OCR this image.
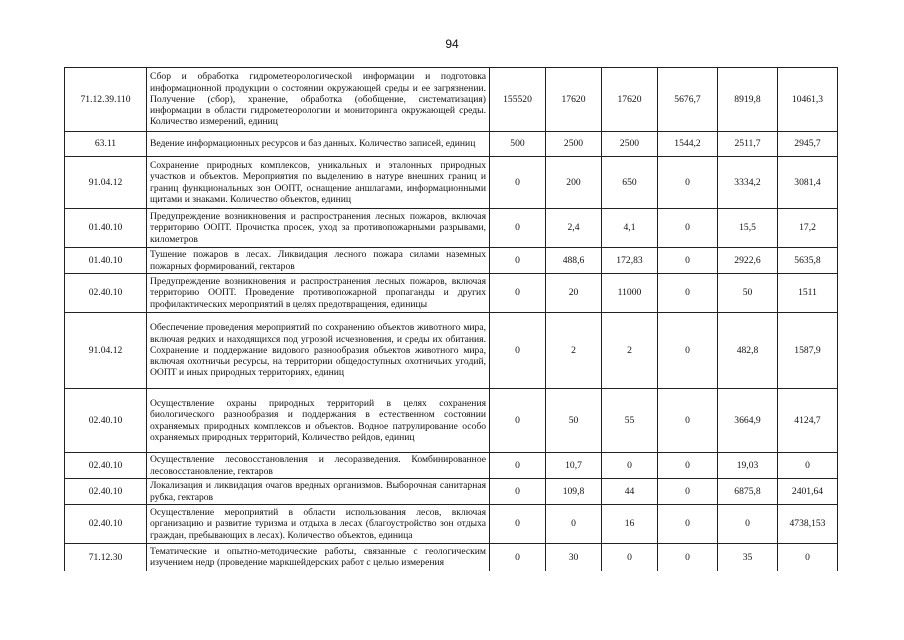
94
71.12.39.110	Сбор и обработка гидрометеорологической информации и подготовка информационной продукции о состоянии окружающей среды и ее загрязнении. Получение (сбор), хранение, обработка (обобщение, систематизация) информации в области гидрометеорологии и мониторинга окружающей среды. Количество измерений, единиц	155520	17620	17620	5676,7	8919,8	10461,3
63.11	Ведение информационных ресурсов и баз данных. Количество записей, единиц	500	2500	2500	1544,2	2511,7	2945,7
91.04.12	Сохранение природных комплексов, уникальных и эталонных природных участков и объектов. Мероприятия по выделению в натуре внешних границ и границ функциональных зон ООПТ, оснащение аншлагами, информационными щитами и знаками. Количество объектов, единиц	0	200	650	0	3334,2	3081,4
01.40.10	Предупреждение возникновения и распространения лесных пожаров, включая территорию ООПТ. Прочистка просек, уход за противопожарными разрывами, километров	0	2,4	4,1	0	15,5	17,2
01.40.10	Тушение пожаров в лесах. Ликвидация лесного пожара силами наземных пожарных формирований, гектаров	0	488,6	172,83	0	2922,6	5635,8
02.40.10	Предупреждение возникновения и распространения лесных пожаров, включая территорию ООПТ. Проведение противопожарной пропаганды и других профилактических мероприятий в целях предотвращения, единицы	0	20	11000	0	50	1511
91.04.12	Обеспечение проведения мероприятий по сохранению объектов животного мира, включая редких и находящихся под угрозой исчезновения, и среды их обитания. Сохранение и поддержание видового разнообразия объектов животного мира, включая охотничьи ресурсы, на территории общедоступных охотничьих угодий, ООПТ и иных природных территориях, единиц	0	2	2	0	482,8	1587,9
02.40.10	Осуществление охраны природных территорий в целях сохранения биологического разнообразия и поддержания в естественном состоянии охраняемых природных комплексов и объектов. Водное патрулирование особо охраняемых природных территорий, Количество рейдов, единиц	0	50	55	0	3664,9	4124,7
02.40.10	Осуществление лесовосстановления и лесоразведения. Комбинированное лесовосстановление, гектаров	0	10,7	0	0	19,03	0
02.40.10	Локализация и ликвидация очагов вредных организмов. Выборочная санитарная рубка, гектаров	0	109,8	44	0	6875,8	2401,64
02.40.10	Осуществление мероприятий в области использования лесов, включая организацию и развитие туризма и отдыха в лесах (благоустройство зон отдыха граждан, пребывающих в лесах). Количество объектов, единица	0	0	16	0	0	4738,153
71.12.30	Тематические и опытно-методические работы, связанные с геологическим изучением недр (проведение маркшейдерских работ с целью измерения	0	30	0	0	35	0
